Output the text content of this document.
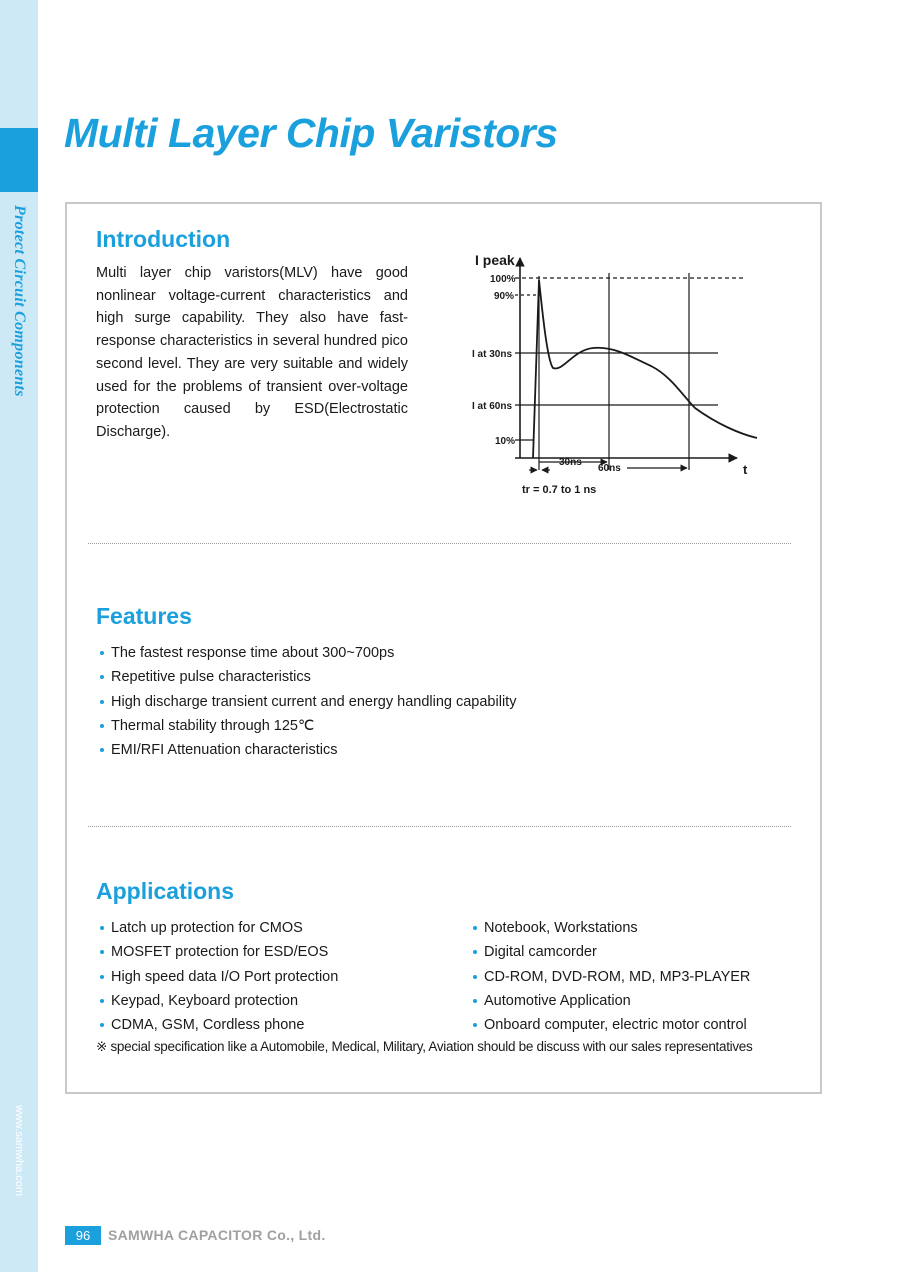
Protect Circuit Components
www.samwha.com
Multi Layer Chip Varistors
Introduction

Multi layer chip varistors(MLV) have good nonlinear voltage-current characteristics and high surge capability. They also have fast-response characteristics in several hundred pico second level. They are very suitable and widely used for the problems of transient over-voltage protection caused by ESD(Electrostatic Discharge).

I peak
100%
90%
I at 30ns
I at 60ns
10%
30ns
60ns	t
tr = 0.7 to 1 ns
Features
The fastest response time about 300~700ps
Repetitive pulse characteristics
High discharge transient current and energy handling capability
Thermal stability through 125℃
EMI/RFI Attenuation characteristics
Applications
Latch up protection for CMOS
MOSFET protection for ESD/EOS
High speed data I/O Port protection
Keypad, Keyboard protection
CDMA, GSM, Cordless phone
Notebook, Workstations
Digital camcorder
CD-ROM, DVD-ROM, MD, MP3-PLAYER
Automotive Application
Onboard computer, electric motor control

※ special specification like a Automobile, Medical, Military, Aviation should be discuss with our sales representatives

96	SAMWHA CAPACITOR Co., Ltd.
